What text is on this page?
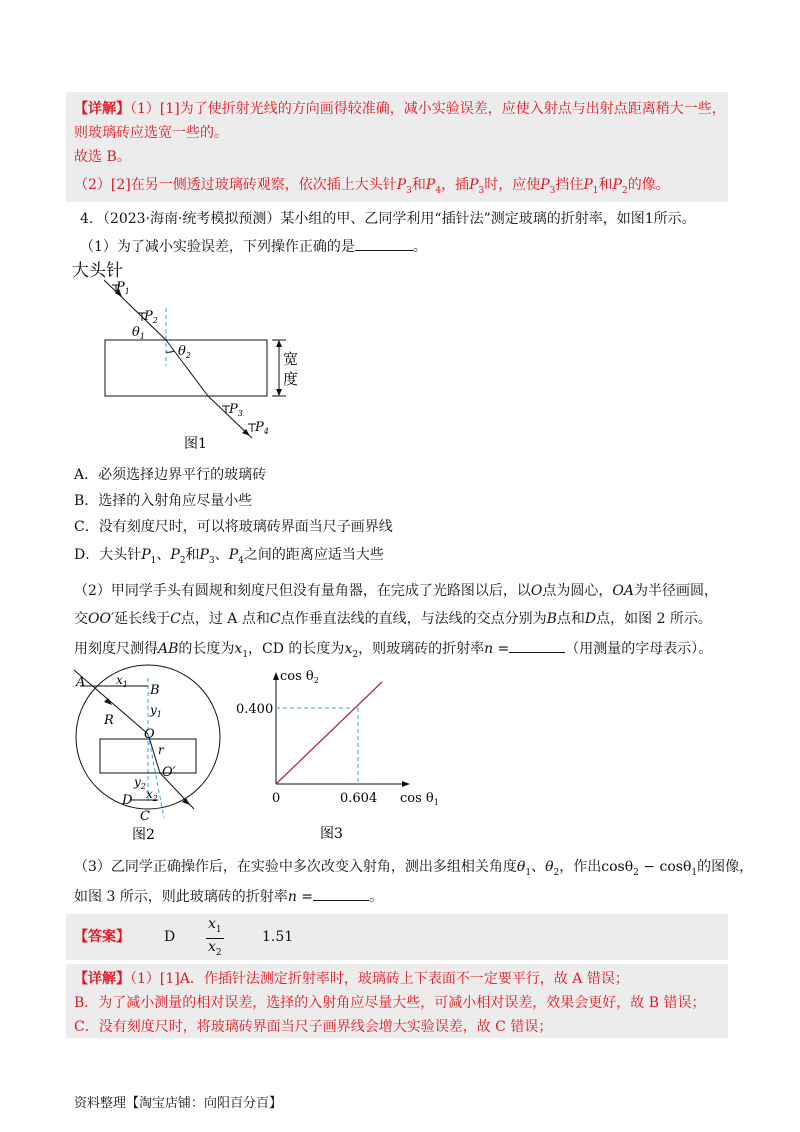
【详解】（1）[1]为了使折射光线的方向画得较准确，减小实验误差，应使入射点与出射点距离稍大一些，
则玻璃砖应选宽一些的。
故选 B。
（2）[2]在另一侧透过玻璃砖观察，依次插上大头针$P_3$和$P_4$，插$P_3$时，应使$P_3$挡住$P_1$和$P_2$的像。
4．（2023·海南·统考模拟预测）某小组的甲、乙同学利用“插针法”测定玻璃的折射率，如图1所示。
（1）为了减小实验误差，下列操作正确的是	。
大头针
$P_1$
$P_2$
$\theta_1$
$\theta_2$
$P_3$
$P_4$
宽
度
图1
A．必须选择边界平行的玻璃砖
B．选择的入射角应尽量小些
C．没有刻度尺时，可以将玻璃砖界面当尺子画界线
D．大头针$P_1$、$P_2$和$P_3$、$P_4$之间的距离应适当大些
（2）甲同学手头有圆规和刻度尺但没有量角器，在完成了光路图以后，以O点为圆心，OA为半径画圆，
交OO′延长线于C点，过 A 点和C点作垂直法线的直线，与法线的交点分别为B点和D点，如图 2 所示。
用刻度尺测得AB的长度为$x_1$，CD 的长度为$x_2$，则玻璃砖的折射率n =	（用测量的字母表示）。
A	$x_1$ B
$y_1$
R
O
r
O′
$y_2$
D $x_2$
C
图2
$\cos \theta_2$
$\cos \theta_1$
0.400
0	0.604
图3
（3）乙同学正确操作后，在实验中多次改变入射角，测出多组相关角度$\theta_1$、$\theta_2$，作出cosθ$_2$ − cosθ$_1$的图像，
如图 3 所示，则此玻璃砖的折射率n =	。
【答案】 D
$x_1$
$x_2$
1.51
【详解】（1）[1]A．作插针法测定折射率时，玻璃砖上下表面不一定要平行，故 A 错误；
B．为了减小测量的相对误差，选择的入射角应尽量大些，可减小相对误差，效果会更好，故 B 错误；
C．没有刻度尺时，将玻璃砖界面当尺子画界线会增大实验误差，故 C 错误；
资料整理【淘宝店铺：向阳百分百】
